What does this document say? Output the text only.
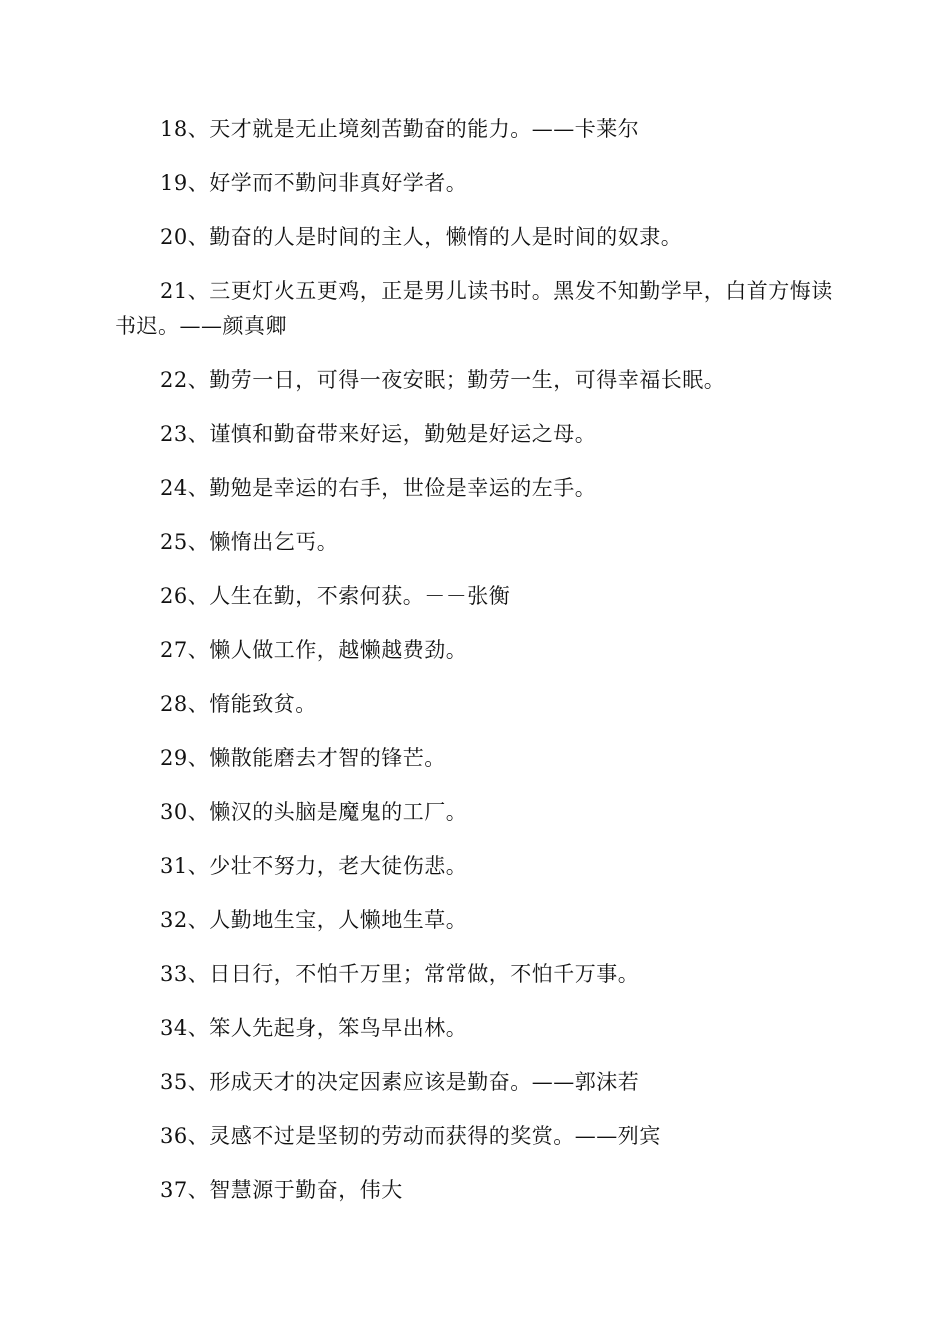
18、天才就是无止境刻苦勤奋的能力。——卡莱尔

19、好学而不勤问非真好学者。

20、勤奋的人是时间的主人，懒惰的人是时间的奴隶。

21、三更灯火五更鸡，正是男儿读书时。黑发不知勤学早，白首方悔读书迟。——颜真卿

22、勤劳一日，可得一夜安眠；勤劳一生，可得幸福长眠。

23、谨慎和勤奋带来好运，勤勉是好运之母。

24、勤勉是幸运的右手，世俭是幸运的左手。

25、懒惰出乞丐。

26、人生在勤，不索何获。－－张衡

27、懒人做工作，越懒越费劲。

28、惰能致贫。

29、懒散能磨去才智的锋芒。

30、懒汉的头脑是魔鬼的工厂。

31、少壮不努力，老大徒伤悲。

32、人勤地生宝，人懒地生草。

33、日日行，不怕千万里；常常做，不怕千万事。

34、笨人先起身，笨鸟早出林。

35、形成天才的决定因素应该是勤奋。——郭沫若

36、灵感不过是坚韧的劳动而获得的奖赏。——列宾

37、智慧源于勤奋，伟大
